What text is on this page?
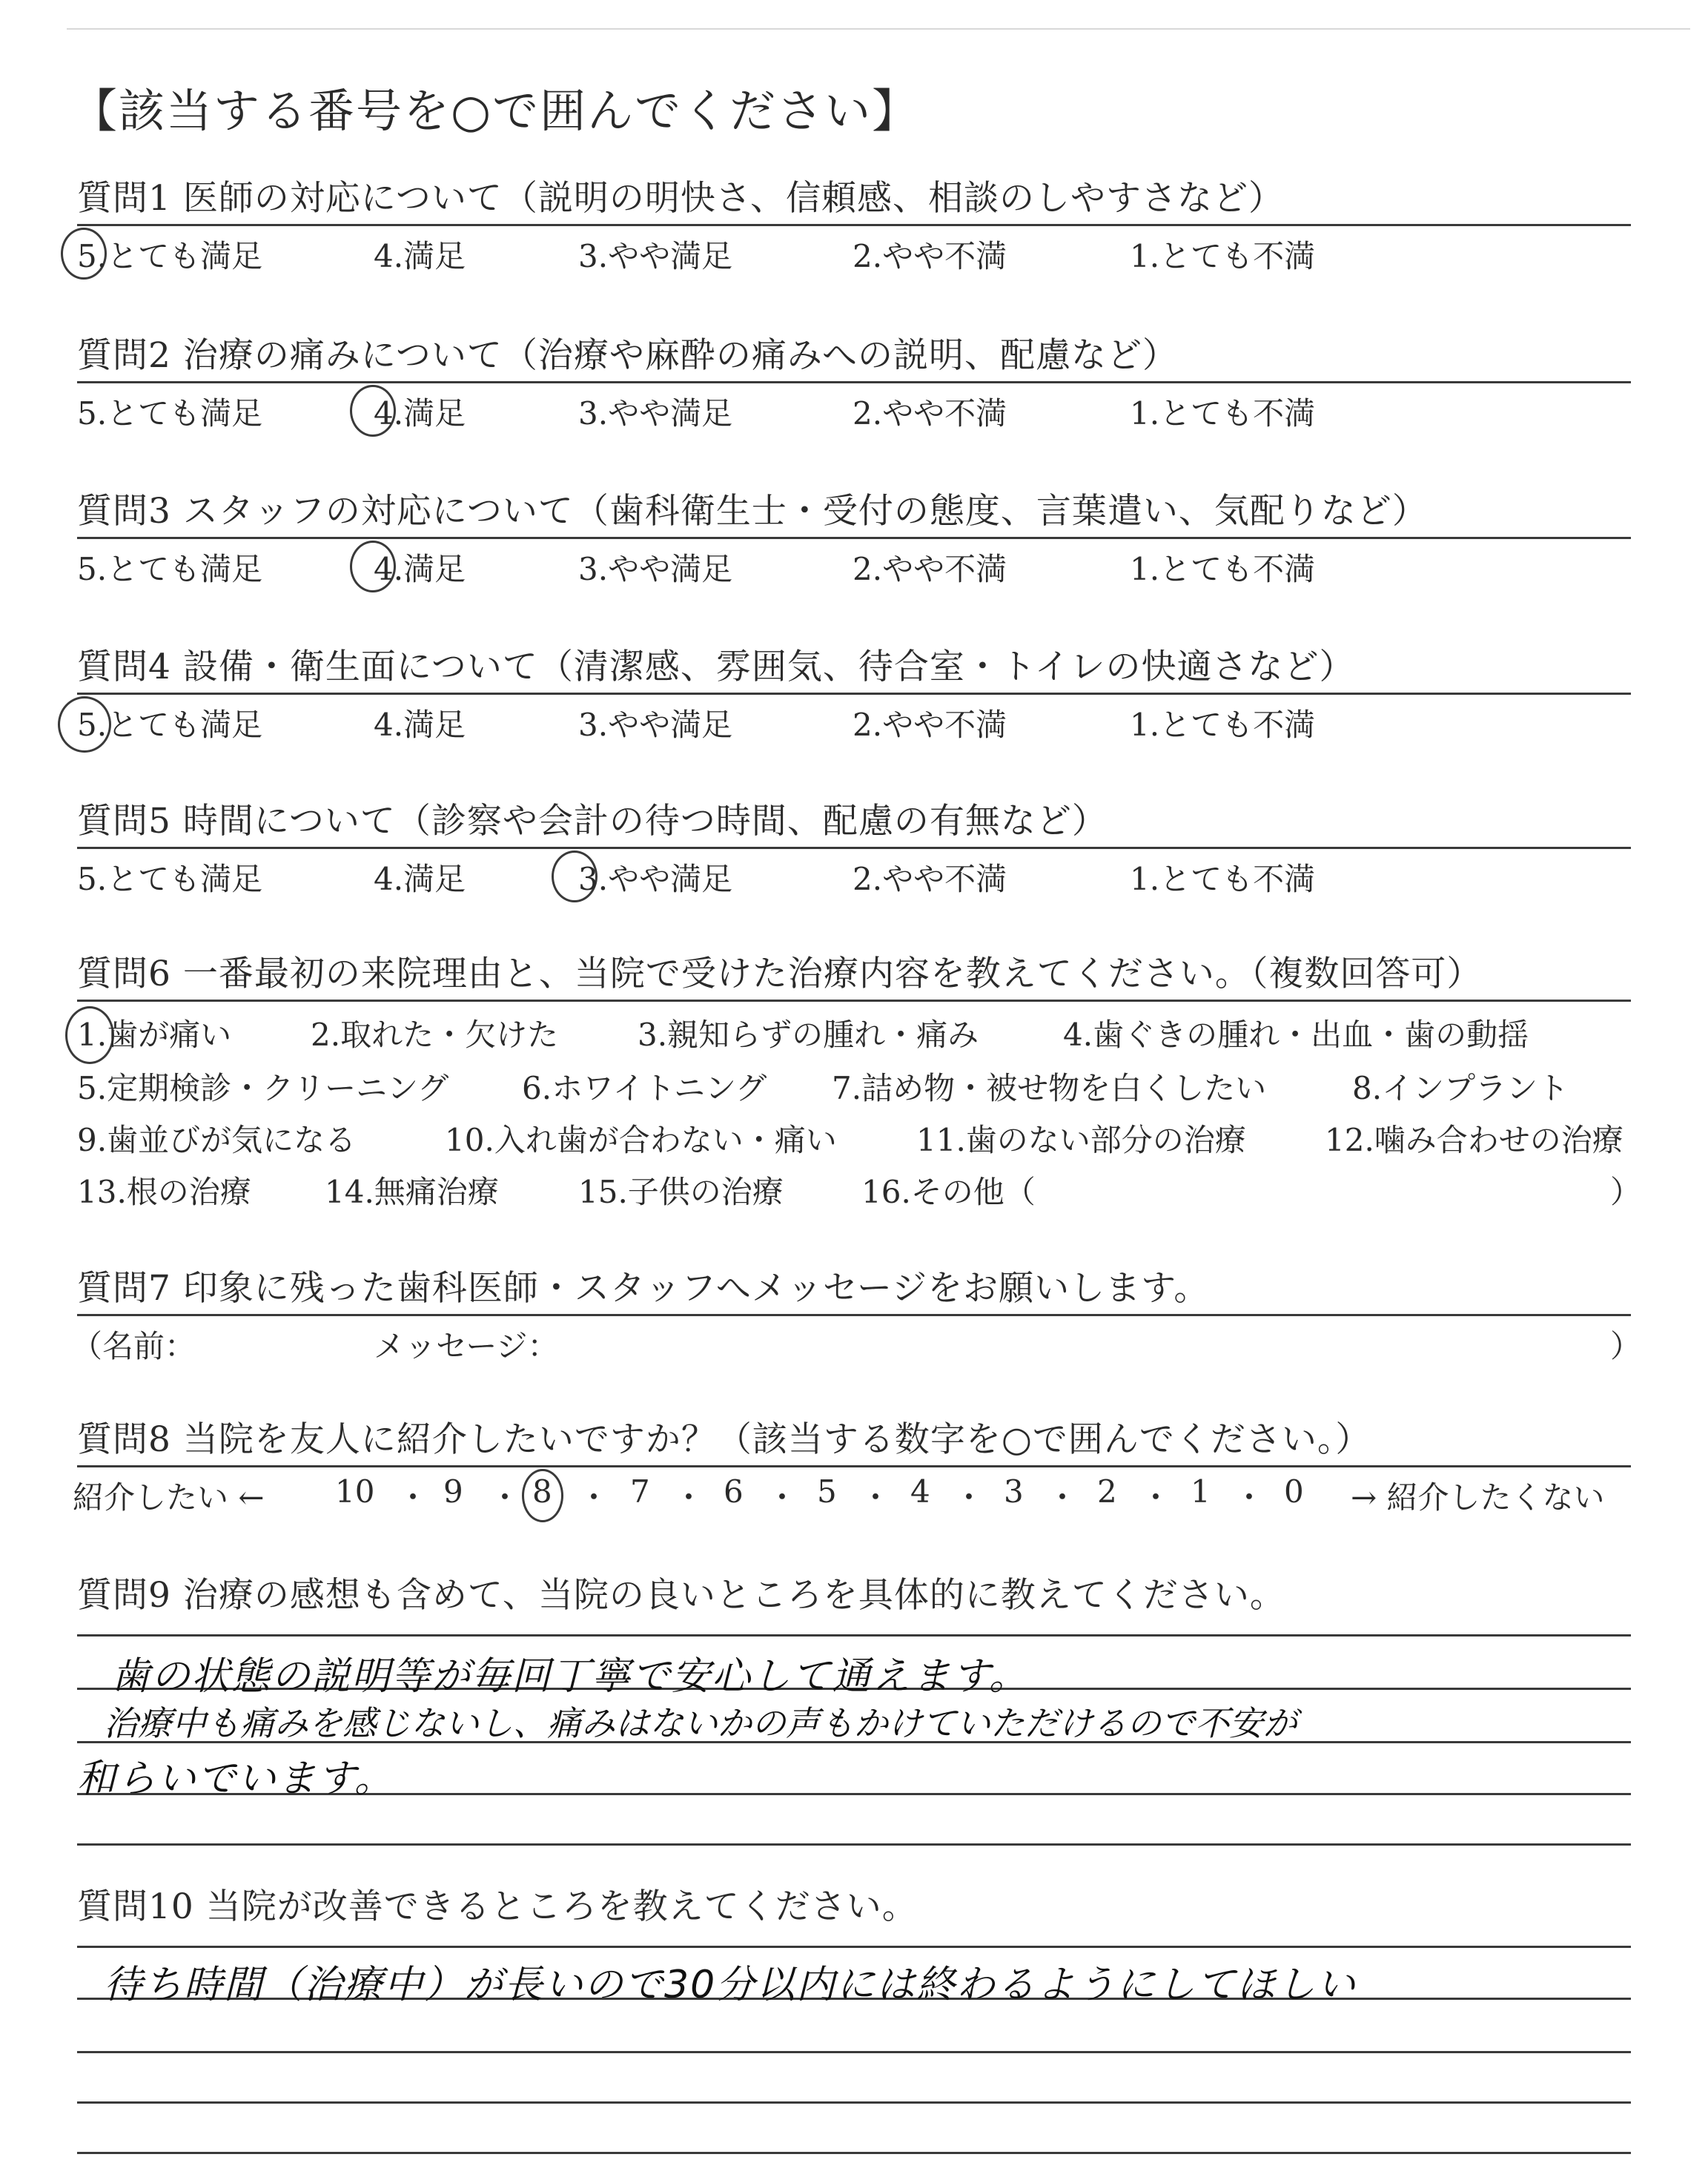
【該当する番号を○で囲んでください】
質問1 医師の対応について（説明の明快さ、信頼感、相談のしやすさなど）
5.とても満足	4.満足	3.やや満足	2.やや不満	1.とても不満
質問2 治療の痛みについて（治療や麻酔の痛みへの説明、配慮など）
5.とても満足	4.満足	3.やや満足	2.やや不満	1.とても不満
質問3 スタッフの対応について（歯科衛生士・受付の態度、言葉遣い、気配りなど）
5.とても満足	4.満足	3.やや満足	2.やや不満	1.とても不満
質問4 設備・衛生面について（清潔感、雰囲気、待合室・トイレの快適さなど）
5.とても満足	4.満足	3.やや満足	2.やや不満	1.とても不満
質問5 時間について（診察や会計の待つ時間、配慮の有無など）
5.とても満足	4.満足	3.やや満足	2.やや不満	1.とても不満
質問6 一番最初の来院理由と、当院で受けた治療内容を教えてください。（複数回答可）
1.歯が痛い	2.取れた・欠けた	3.親知らずの腫れ・痛み	4.歯ぐきの腫れ・出血・歯の動揺
5.定期検診・クリーニング 6.ホワイトニング 7.詰め物・被せ物を白くしたい	8.インプラント
9.歯並びが気になる	10.入れ歯が合わない・痛い	11.歯のない部分の治療	12.噛み合わせの治療
13.根の治療 14.無痛治療	15.子供の治療	16.その他（	）
質問7 印象に残った歯科医師・スタッフへメッセージをお願いします。
（名前：	メッセージ：	）
質問8 当院を友人に紹介したいですか？（該当する数字を○で囲んでください。）
紹介したい ← 10 ・ 9 ・ 8 ・ 7 ・ 6 ・ 5 ・ 4 ・ 3 ・ 2 ・ 1 ・ 0 → 紹介したくない
質問9 治療の感想も含めて、当院の良いところを具体的に教えてください。
歯の状態の説明等が毎回丁寧で安心して通えます。
治療中も痛みを感じないし、痛みはないかの声もかけていただけるので不安が
和らいでいます。
質問10 当院が改善できるところを教えてください。
待ち時間（治療中）が長いので30分以内には終わるようにしてほしい
